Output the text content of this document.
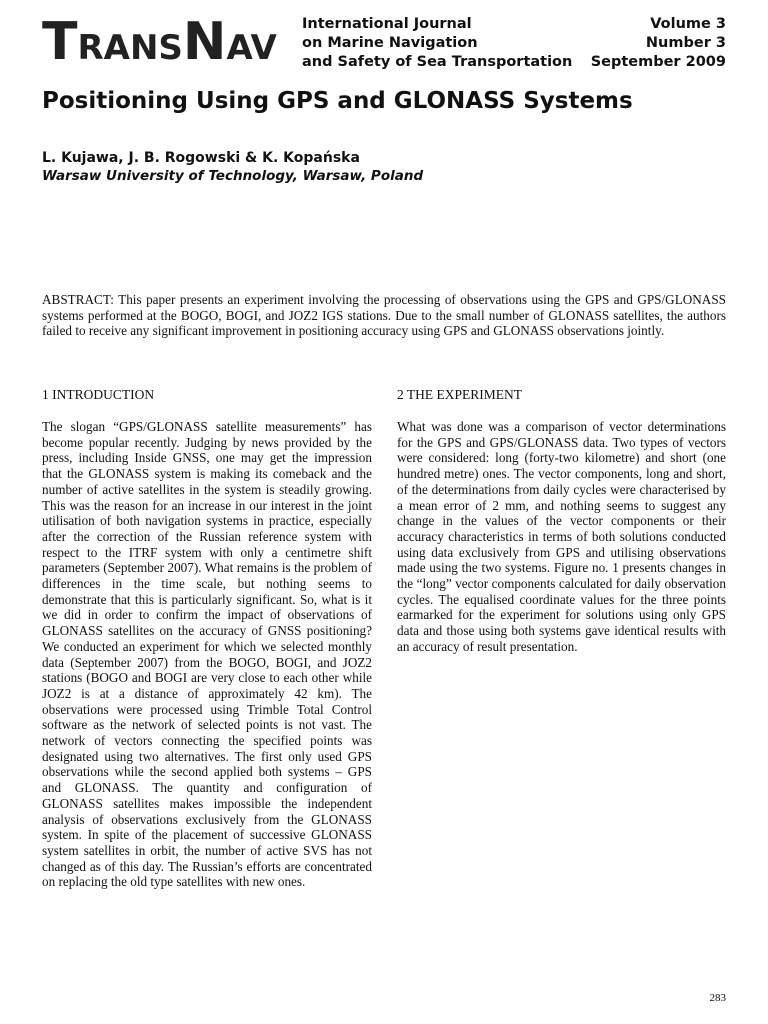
TRANSNAV
International Journal
on Marine Navigation
and Safety of Sea Transportation
Volume 3
Number 3
September 2009
Positioning Using GPS and GLONASS Systems
L. Kujawa, J. B. Rogowski & K. Kopańska
Warsaw University of Technology, Warsaw, Poland
ABSTRACT: This paper presents an experiment involving the processing of observations using the GPS and GPS/GLONASS systems performed at the BOGO, BOGI, and JOZ2 IGS stations. Due to the small number of GLONASS satellites, the authors failed to receive any significant improvement in positioning accuracy using GPS and GLONASS observations jointly.
1 INTRODUCTION
The slogan “GPS/GLONASS satellite measurements” has become popular recently. Judging by news provided by the press, including Inside GNSS, one may get the impression that the GLONASS system is making its comeback and the number of active satellites in the system is steadily growing. This was the reason for an increase in our interest in the joint utilisation of both navigation systems in practice, especially after the correction of the Russian reference system with respect to the ITRF system with only a centimetre shift parameters (September 2007). What remains is the problem of differences in the time scale, but nothing seems to demonstrate that this is particularly significant. So, what is it we did in order to confirm the impact of observations of GLONASS satellites on the accuracy of GNSS positioning? We conducted an experiment for which we selected monthly data (September 2007) from the BOGO, BOGI, and JOZ2 stations (BOGO and BOGI are very close to each other while JOZ2 is at a distance of approximately 42 km). The observations were processed using Trimble Total Control software as the network of selected points is not vast. The network of vectors connecting the specified points was designated using two alternatives. The first only used GPS observations while the second applied both systems – GPS and GLONASS. The quantity and configuration of GLONASS satellites makes impossible the independent analysis of observations exclusively from the GLONASS system. In spite of the placement of successive GLONASS system satellites in orbit, the number of active SVS has not changed as of this day. The Russian’s efforts are concentrated on replacing the old type satellites with new ones.
2 THE EXPERIMENT
What was done was a comparison of vector determinations for the GPS and GPS/GLONASS data. Two types of vectors were considered: long (forty-two kilometre) and short (one hundred metre) ones. The vector components, long and short, of the determinations from daily cycles were characterised by a mean error of 2 mm, and nothing seems to suggest any change in the values of the vector components or their accuracy characteristics in terms of both solutions conducted using data exclusively from GPS and utilising observations made using the two systems. Figure no. 1 presents changes in the “long” vector components calculated for daily observation cycles. The equalised coordinate values for the three points earmarked for the experiment for solutions using only GPS data and those using both systems gave identical results with an accuracy of result presentation.
283
